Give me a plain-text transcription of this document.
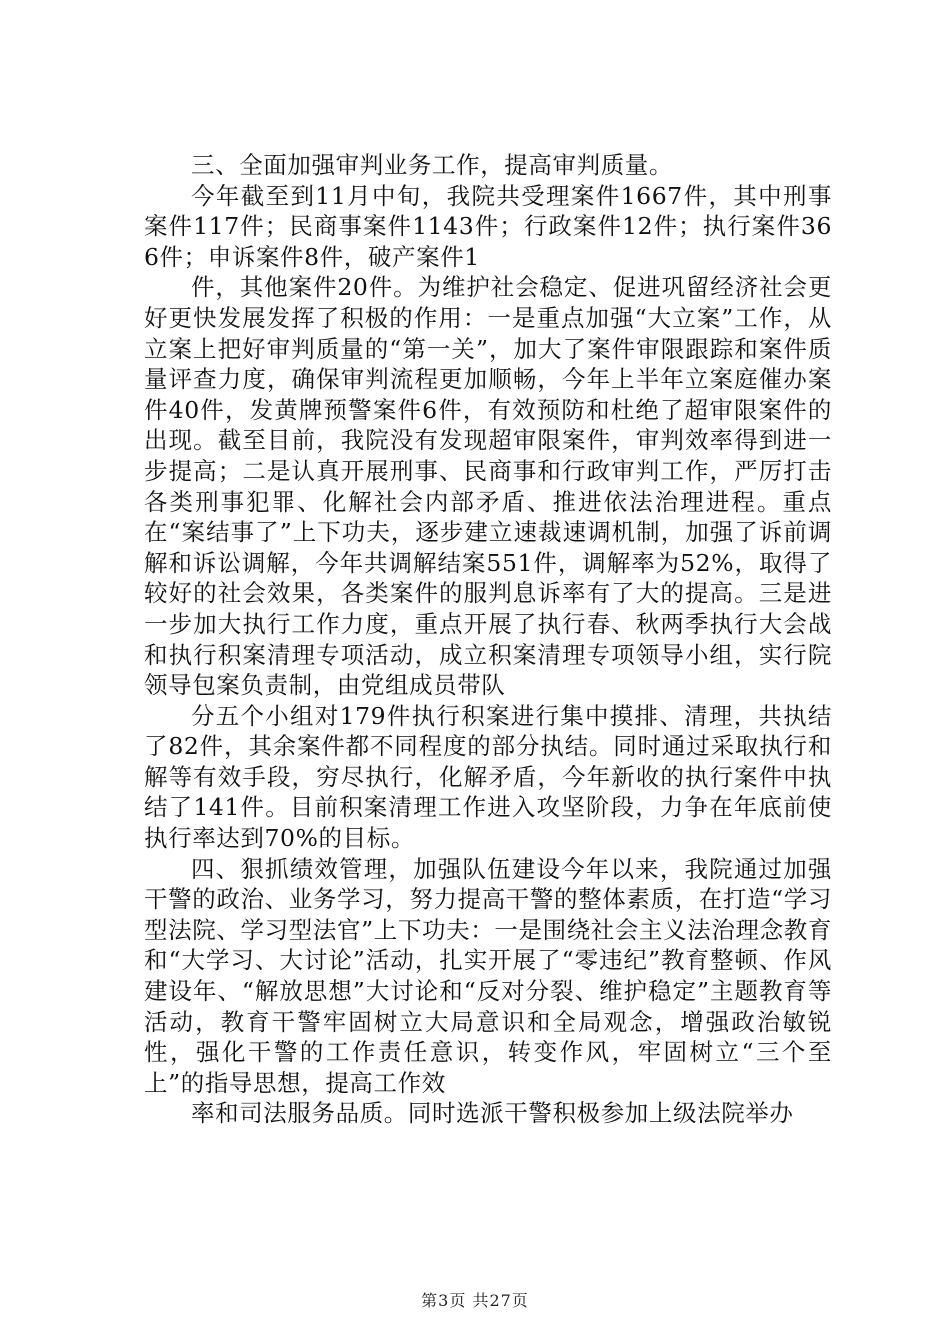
三、全面加强审判业务工作，提高审判质量。

今年截至到11月中旬，我院共受理案件1667件，其中刑事案件117件；民商事案件1143件；行政案件12件；执行案件366件；申诉案件8件，破产案件1

件，其他案件20件。为维护社会稳定、促进巩留经济社会更好更快发展发挥了积极的作用：一是重点加强“大立案”工作，从立案上把好审判质量的“第一关”，加大了案件审限跟踪和案件质量评查力度，确保审判流程更加顺畅，今年上半年立案庭催办案件40件，发黄牌预警案件6件，有效预防和杜绝了超审限案件的出现。截至目前，我院没有发现超审限案件，审判效率得到进一步提高；二是认真开展刑事、民商事和行政审判工作，严厉打击各类刑事犯罪、化解社会内部矛盾、推进依法治理进程。重点在“案结事了”上下功夫，逐步建立速裁速调机制，加强了诉前调解和诉讼调解，今年共调解结案551件，调解率为52%，取得了较好的社会效果，各类案件的服判息诉率有了大的提高。三是进一步加大执行工作力度，重点开展了执行春、秋两季执行大会战和执行积案清理专项活动，成立积案清理专项领导小组，实行院领导包案负责制，由党组成员带队

分五个小组对179件执行积案进行集中摸排、清理，共执结了82件，其余案件都不同程度的部分执结。同时通过采取执行和解等有效手段，穷尽执行，化解矛盾，今年新收的执行案件中执结了141件。目前积案清理工作进入攻坚阶段，力争在年底前使执行率达到70%的目标。

四、狠抓绩效管理，加强队伍建设今年以来，我院通过加强干警的政治、业务学习，努力提高干警的整体素质，在打造“学习型法院、学习型法官”上下功夫：一是围绕社会主义法治理念教育和“大学习、大讨论”活动，扎实开展了“零违纪”教育整顿、作风建设年、“解放思想”大讨论和“反对分裂、维护稳定”主题教育等活动，教育干警牢固树立大局意识和全局观念，增强政治敏锐性，强化干警的工作责任意识，转变作风，牢固树立“三个至上”的指导思想，提高工作效

率和司法服务品质。同时选派干警积极参加上级法院举办

第3页 共27页
